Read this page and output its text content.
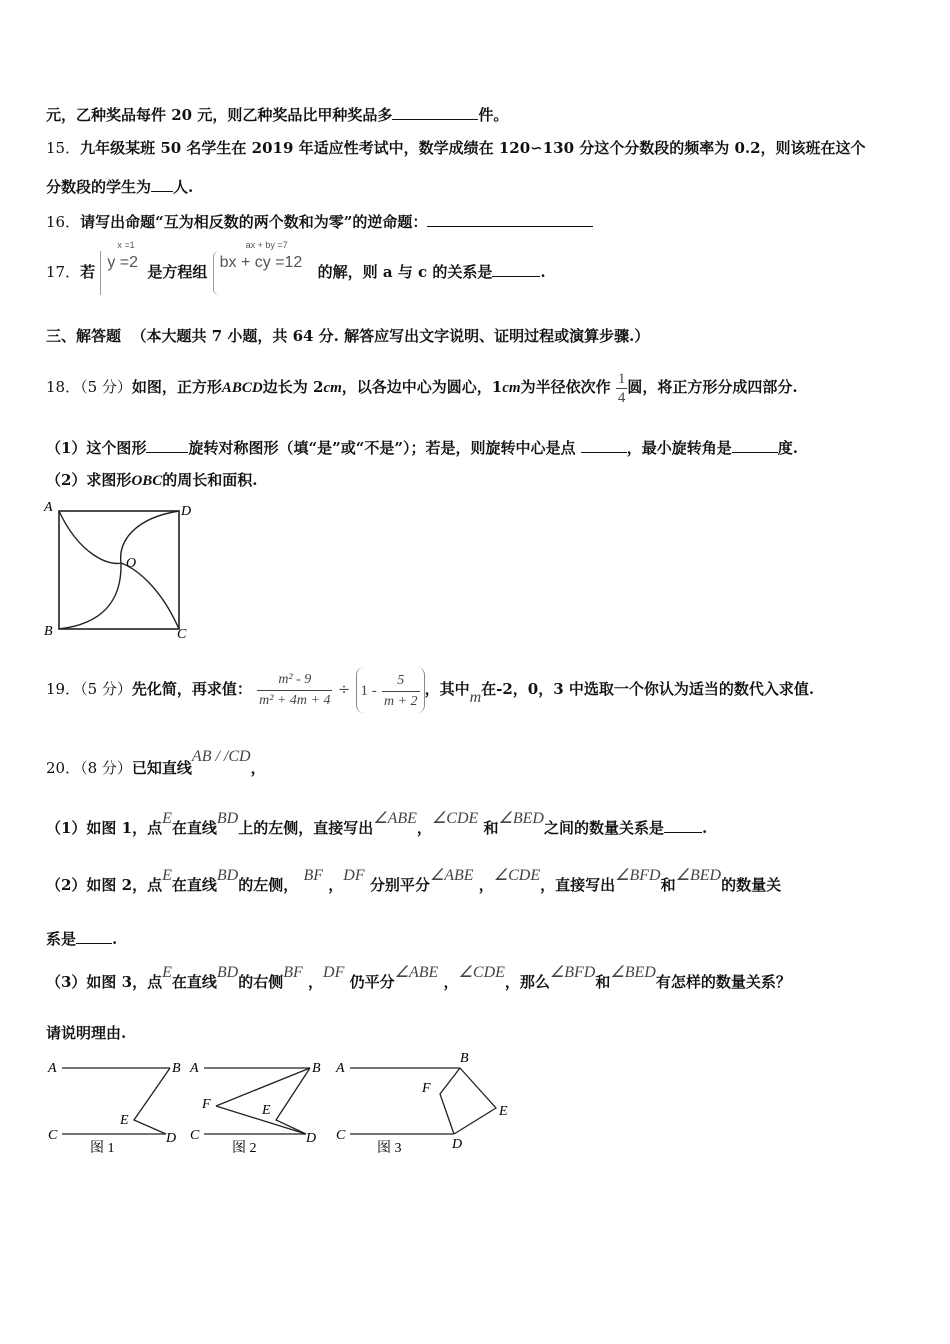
元，乙种奖品每件 20 元，则乙种奖品比甲种奖品多	件。
15．九年级某班 50 名学生在 2019 年适应性考试中，数学成绩在 120∽130 分这个分数段的频率为 0.2，则该班在这个
分数段的学生为 人.
16．请写出命题“互为相反数的两个数和为零”的逆命题：
17．若
x =1
y =2
是方程组
ax + by =7
bx + cy =12
的解，则 a 与 c 的关系是	.
三、解答题 （本大题共 7 小题，共 64 分. 解答应写出文字说明、证明过程或演算步骤.）
18．（5 分）如图，正方形ABCD边长为 2cm，以各边中心为圆心，1cm为半径依次作 $\frac{1}{4}$ 圆，将正方形分成四部分.
（1）这个图形	旋转对称图形（填“是”或“不是”）；若是，则旋转中心是点	，最小旋转角是	度.
（2）求图形OBC的周长和面积.
A	D
B	C
O
19．（5 分）先化简，再求值： $\frac{\text{m² - 9}}{\text{m² + 4m + 4}} \div 1 - \frac{5}{m + 2}$ ，其中m在-2，0，3 中选取一个你认为适当的数代入求值.
20．（8 分）已知直线AB / /CD，
（1）如图 1，点E在直线BD上的左侧，直接写出∠ABE，∠CDE 和∠BED之间的数量关系是	.
（2）如图 2，点E在直线BD的左侧， BF ，DF 分别平分∠ABE ，∠CDE，直接写出∠BFD和∠BED的数量关
系是 .
（3）如图 3，点E在直线BD的右侧BF ，DF 仍平分∠ABE ，∠CDE，那么∠BFD和∠BED有怎样的数量关系？
请说明理由.
A	B
C	D
E
图 1
A	B
C	D
E
F
图 2
A
B
C
D
E
F
图 3
